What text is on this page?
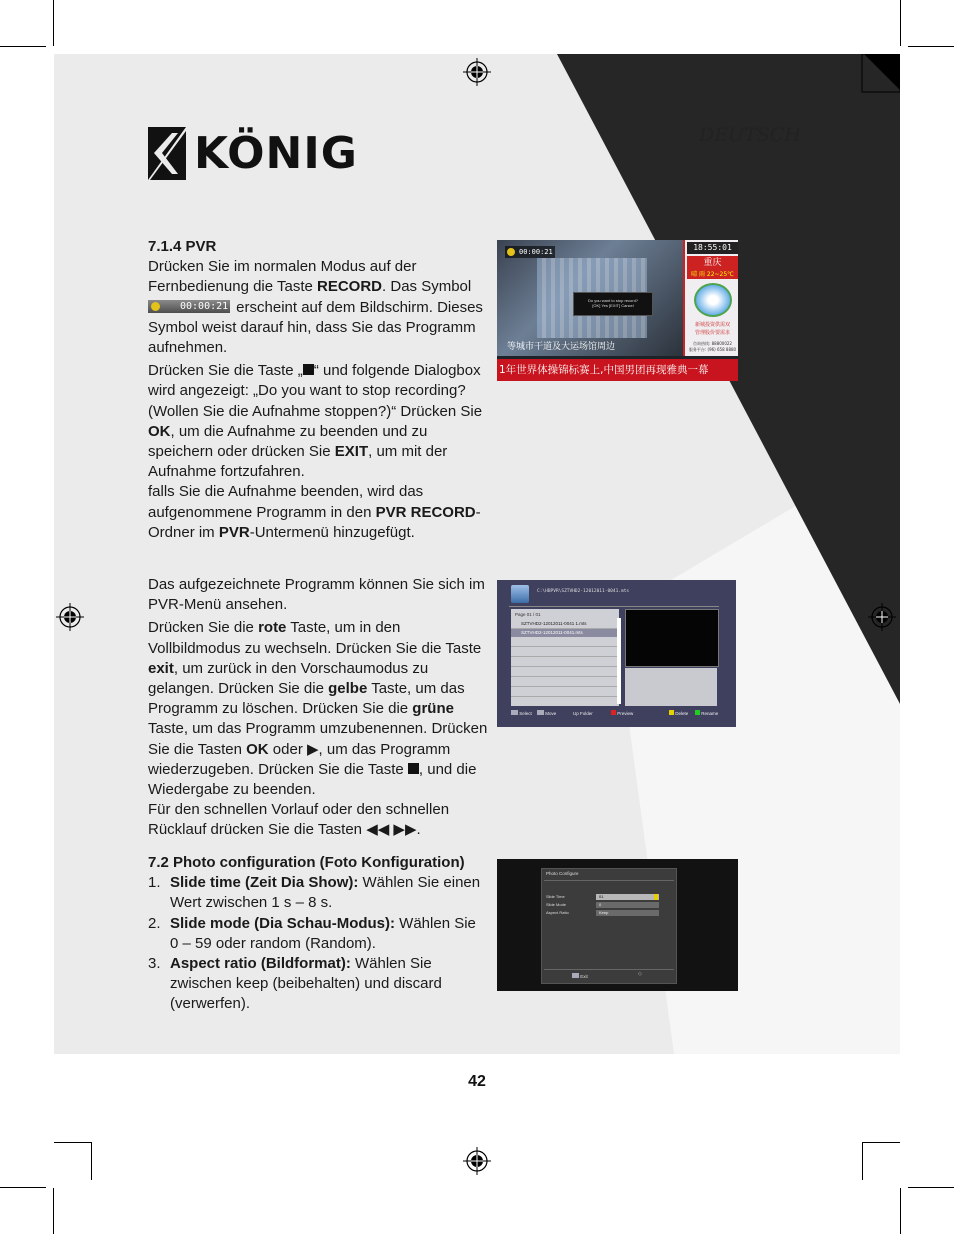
KÖNIG	DEUTSCH
7.1.4 PVR

Drücken Sie im normalen Modus auf der Fernbedienung die Taste RECORD. Das Symbol
00:00:21 erscheint auf dem Bildschirm. Dieses Symbol weist darauf hin, dass Sie das Programm aufnehmen.

Drücken Sie die Taste „ “ und folgende Dialogbox wird angezeigt: „Do you want to stop recording? (Wollen Sie die Aufnahme stoppen?)“ Drücken Sie OK, um die Aufnahme zu beenden und zu speichern oder drücken Sie EXIT, um mit der Aufnahme fortzufahren.
falls Sie die Aufnahme beenden, wird das aufgenommene Programm in den PVR RECORD-Ordner im PVR-Untermenü hinzugefügt.

Das aufgezeichnete Programm können Sie sich im PVR-Menü ansehen.

Drücken Sie die rote Taste, um in den Vollbildmodus zu wechseln. Drücken Sie die Taste exit, um zurück in den Vorschaumodus zu gelangen. Drücken Sie die gelbe Taste, um das Programm zu löschen. Drücken Sie die grüne Taste, um das Programm umzubenennen. Drücken Sie die Tasten OK oder ▶, um das Programm wiederzugeben. Drücken Sie die Taste , und die Wiedergabe zu beenden.
Für den schnellen Vorlauf oder den schnellen Rücklauf drücken Sie die Tasten ◀◀ ▶▶.

7.2 Photo configuration (Foto Konfiguration)
1. Slide time (Zeit Dia Show): Wählen Sie einen Wert zwischen 1 s – 8 s.
2. Slide mode (Dia Schau-Modus): Wählen Sie 0 – 59 oder random (Random).
3. Aspect ratio (Bildformat): Wählen Sie zwischen keep (beibehalten) und discard (verwerfen).
00:00:21
Do you want to stop record?
[OK] Yes [EXIT] Cancel
等城市干道及大运场馆周边
18:55:01
重庆
晴 雨 22~25℃
新城投资供需双
管理股价要需求
咨询热线: 88800022
服务平台: (96) 658 8880
1年世界体操锦标赛上,中国男团再现雅典一幕
C:\HBPVR\SZTVHD2-12012011-0041.mts
Page 01 / 01
SZTVHD2-12012011-0041 1.mts
SZTVHD2-12012011-0041.mts
Select	Move	Up Folder	Preview	Delete	Rename
Photo Configure
Slide Time	01
Slide Mode	0
Aspect Ratio	Keep
Exit	◇
42
